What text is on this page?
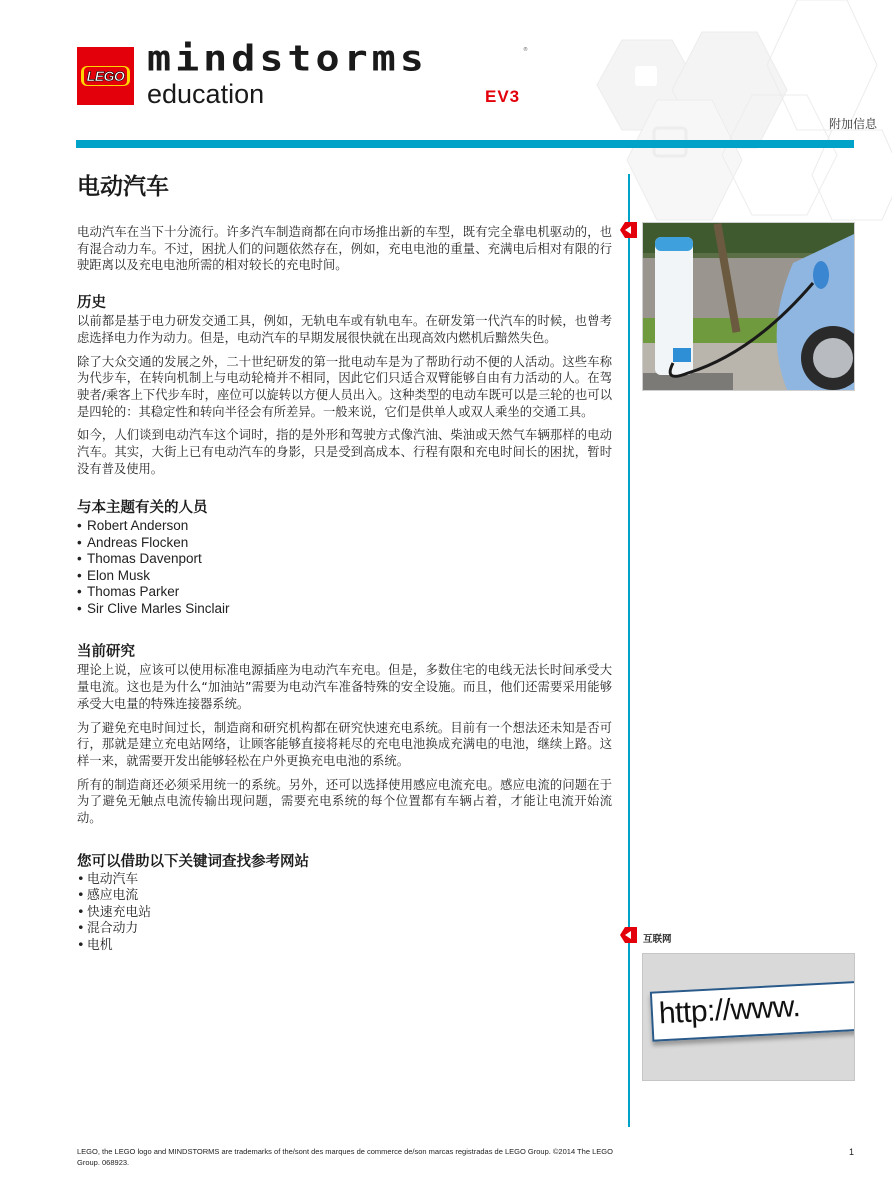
LEGO mindstorms	®
education	EV3
附加信息
电动汽车

电动汽车在当下十分流行。许多汽车制造商都在向市场推出新的车型，既有完全靠电机驱动的，也有混合动力车。不过，困扰人们的问题依然存在，例如，充电电池的重量、充满电后相对有限的行驶距离以及充电电池所需的相对较长的充电时间。

历史

以前都是基于电力研发交通工具，例如，无轨电车或有轨电车。在研发第一代汽车的时候，也曾考虑选择电力作为动力。但是，电动汽车的早期发展很快就在出现高效内燃机后黯然失色。

除了大众交通的发展之外，二十世纪研发的第一批电动车是为了帮助行动不便的人活动。这些车称为代步车，在转向机制上与电动轮椅并不相同，因此它们只适合双臂能够自由有力活动的人。在驾驶者/乘客上下代步车时，座位可以旋转以方便人员出入。这种类型的电动车既可以是三轮的也可以是四轮的：其稳定性和转向半径会有所差异。一般来说，它们是供单人或双人乘坐的交通工具。

如今，人们谈到电动汽车这个词时，指的是外形和驾驶方式像汽油、柴油或天然气车辆那样的电动汽车。其实，大街上已有电动汽车的身影，只是受到高成本、行程有限和充电时间长的困扰，暂时没有普及使用。

与本主题有关的人员
• Robert Anderson
• Andreas Flocken
• Thomas Davenport
• Elon Musk
• Thomas Parker
• Sir Clive Marles Sinclair
当前研究

理论上说，应该可以使用标准电源插座为电动汽车充电。但是，多数住宅的电线无法长时间承受大量电流。这也是为什么“加油站”需要为电动汽车准备特殊的安全设施。而且，他们还需要采用能够承受大电量的特殊连接器系统。

为了避免充电时间过长，制造商和研究机构都在研究快速充电系统。目前有一个想法还未知是否可行，那就是建立充电站网络，让顾客能够直接将耗尽的充电电池换成充满电的电池，继续上路。这样一来，就需要开发出能够轻松在户外更换充电电池的系统。

所有的制造商还必须采用统一的系统。另外，还可以选择使用感应电流充电。感应电流的问题在于为了避免无触点电流传输出现问题，需要充电系统的每个位置都有车辆占着，才能让电流开始流动。

您可以借助以下关键词查找参考网站
• 电动汽车
• 感应电流
• 快速充电站
• 混合动力
• 电机	互联网
http://www.
LEGO, the LEGO logo and MINDSTORMS are trademarks of the/sont des marques de commerce de/son marcas registradas de LEGO Group. ©2014 The LEGO Group. 068923.
1
